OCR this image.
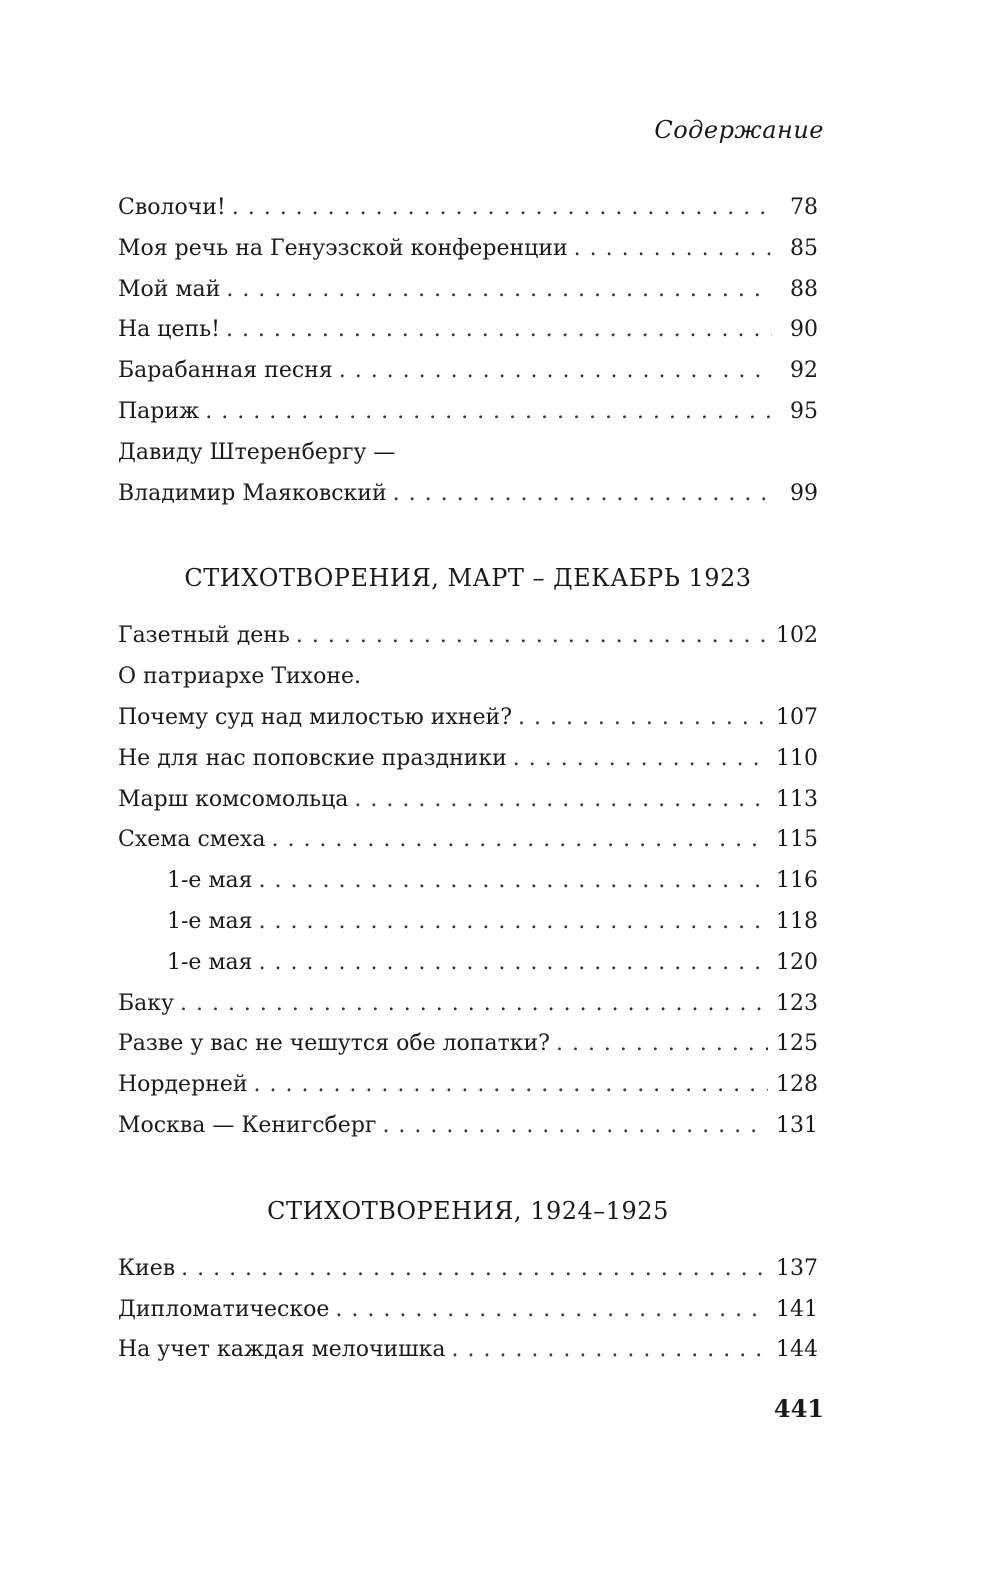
Содержание
Сволочи! . . .	78
Моя речь на Генуэзской конференции . . .	85
Мой май . . .	88
На цепь! . . .	90
Барабанная песня . . .	92
Париж . . .	95
Давиду Штеренбергу —
Владимир Маяковский . . .	99
СТИХОТВОРЕНИЯ, МАРТ – ДЕКАБРЬ 1923
Газетный день . . .	102
О патриархе Тихоне.
Почему суд над милостью ихней? . . .	107
Не для нас поповские праздники . . .	110
Марш комсомольца . . .	113
Схема смеха . . .	115
1-е мая . . .	116
1-е мая . . .	118
1-е мая . . .	120
Баку . . .	123
Разве у вас не чешутся обе лопатки? . . .	125
Нордерней . . .	128
Москва — Кенигсберг . . .	131
СТИХОТВОРЕНИЯ, 1924–1925
Киев . . .	137
Дипломатическое . . .	141
На учет каждая мелочишка . . .	144
441
